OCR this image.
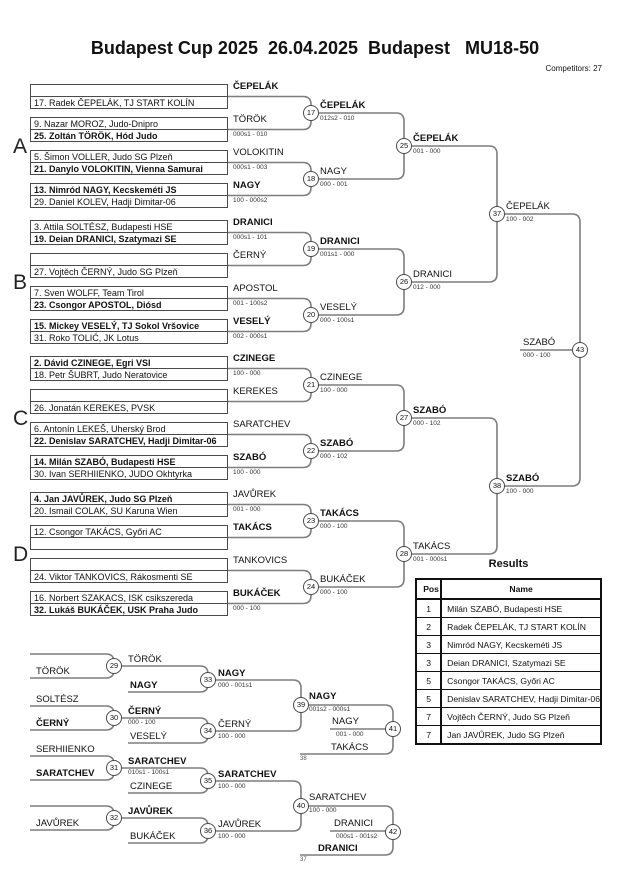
Budapest Cup 2025  26.04.2025  Budapest   MU18-50
Competitors: 27
A
B
C
D
ČEPELÁK
TÖRÖK
000s1 - 010
VOLOKITIN
000s1 - 003
NAGY
100 - 000s2
DRANICI
000s1 - 101
ČERNÝ
APOSTOL
001 - 100s2
VESELÝ
002 - 000s1
CZINEGE
100 - 000
KEREKES
SARATCHEV
SZABÓ
100 - 000
JAVŮREK
001 - 000
TAKÁCS
TANKOVICS
BUKÁČEK
000 - 100
ČEPELÁK
012s2 - 010
NAGY
000 - 001
DRANICI
001s1 - 000
VESELÝ
000 - 100s1
CZINEGE
100 - 000
SZABÓ
000 - 102
TAKÁCS
000 - 100
BUKÁČEK
000 - 100
ČEPELÁK
001 - 000
DRANICI
012 - 000
SZABÓ
000 - 102
TAKÁCS
001 - 000s1
ČEPELÁK
100 - 002
SZABÓ
100 - 000
SZABÓ
000 - 100
17. Radek ČEPELÁK, TJ START KOLÍN
9. Nazar MOROZ, Judo-Dnipro
25. Zoltán TÖRÖK, Hód Judo
5. Šimon VOLLER, Judo SG Plzeň
21. Danylo VOLOKITIN, Vienna Samurai
13. Nimród NAGY, Kecskeméti JS
29. Daniel KOLEV, Hadji Dimitar-06
3. Attila SOLTÉSZ, Budapesti HSE
19. Deian DRANICI, Szatymazi SE
27. Vojtěch ČERNÝ, Judo SG Plzeň
7. Sven WOLFF, Team Tirol
23. Csongor APOSTOL, Diósd
15. Mickey VESELÝ, TJ Sokol Vršovice
31. Roko TOLIĆ, JK Lotus
2. Dávid CZINEGE, Egri VSI
18. Petr ŠUBRT, Judo Neratovice
26. Jonatán KEREKES, PVSK
6. Antonín LEKEŠ, Uherský Brod
22. Denislav SARATCHEV, Hadji Dimitar-06
14. Milán SZABÓ, Budapesti HSE
30. Ivan SERHIIENKO, JUDO Okhtyrka
4. Jan JAVŮREK, Judo SG Plzeň
20. Ismail COLAK, SU Karuna Wien
12. Csongor TAKÁCS, Győri AC
24. Viktor TANKOVICS, Rákosmenti SE
16. Norbert SZAKACS, ISK csikszereda
32. Lukáš BUKÁČEK, USK Praha Judo
17
18
19
20
21
22
23
24
25
26
27
28
37
38
43
TÖRÖK
SOLTÉSZ
ČERNÝ
SERHIIENKO
SARATCHEV
JAVŮREK
TÖRÖK
NAGY
ČERNÝ
000 - 100
VESELÝ
SARATCHEV
010s1 - 100s1
CZINEGE
JAVŮREK
BUKÁČEK
NAGY
000 - 001s1
ČERNÝ
100 - 000
SARATCHEV
100 - 000
JAVŮREK
100 - 000
NAGY
001s2 - 000s1
SARATCHEV
100 - 000
NAGY
001 - 000
TAKÁCS
38
DRANICI
000s1 - 001s2
DRANICI
37
29
30
31
32
33
34
35
36
39
40
41
42
Results
Pos	Name
1	Milán SZABÓ, Budapesti HSE
2	Radek ČEPELÁK, TJ START KOLÍN
3	Nimród NAGY, Kecskeméti JS
3	Deian DRANICI, Szatymazi SE
5	Csongor TAKÁCS, Győri AC
5	Denislav SARATCHEV, Hadji Dimitar-06
7	Vojtěch ČERNÝ, Judo SG Plzeň
7	Jan JAVŮREK, Judo SG Plzeň
